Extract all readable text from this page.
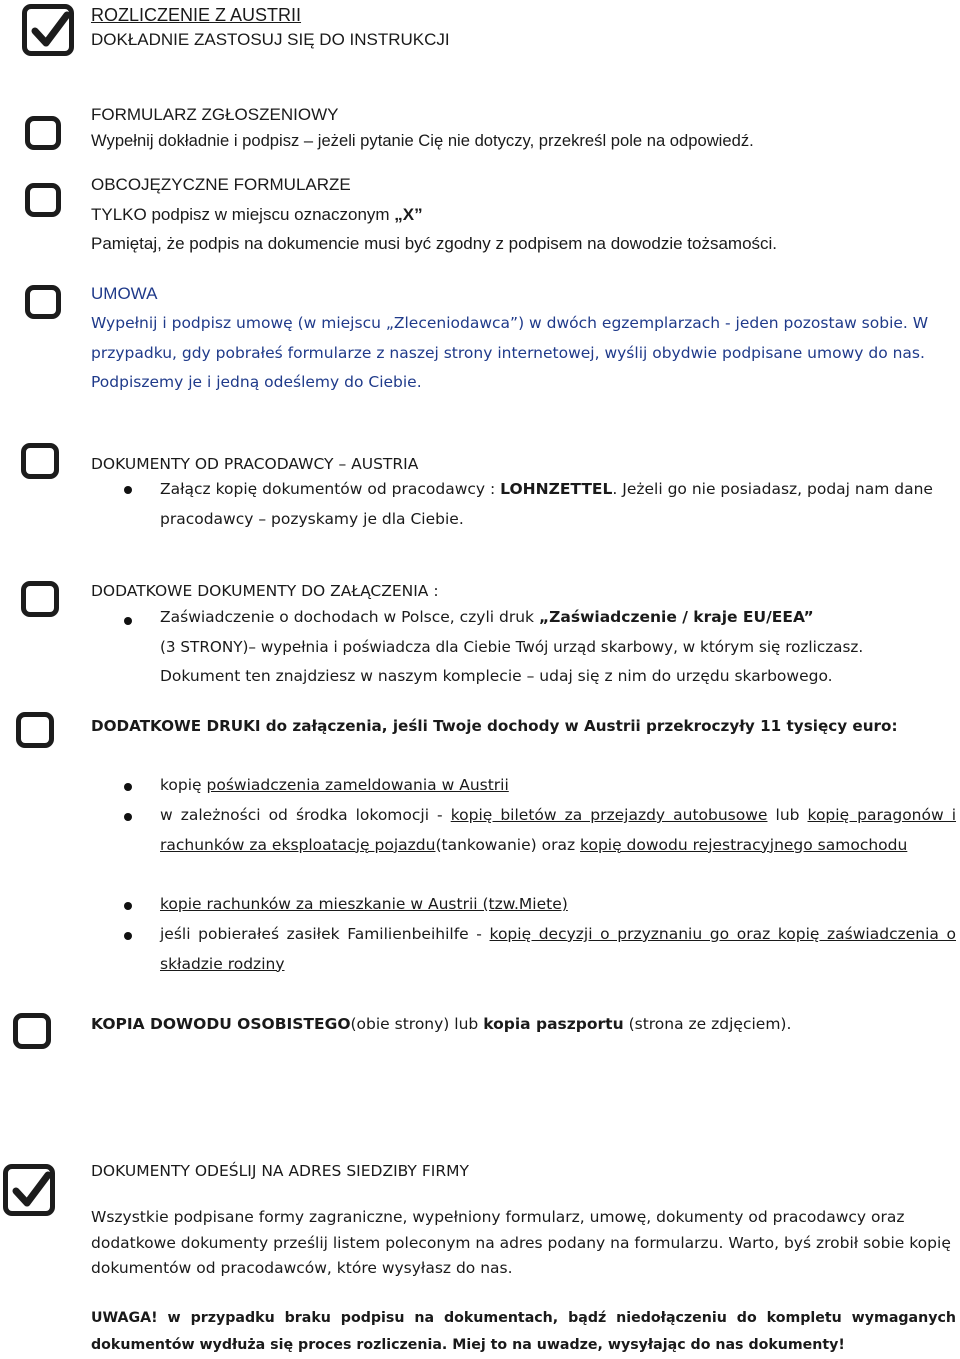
ROZLICZENIE Z AUSTRII
DOKŁADNIE ZASTOSUJ SIĘ DO INSTRUKCJI
FORMULARZ ZGŁOSZENIOWY
Wypełnij dokładnie i podpisz – jeżeli pytanie Cię nie dotyczy, przekreśl pole na odpowiedź.
OBCOJĘZYCZNE FORMULARZE
TYLKO podpisz w miejscu oznaczonym „X”
Pamiętaj, że podpis na dokumencie musi być zgodny z podpisem na dowodzie tożsamości.
UMOWA
Wypełnij i podpisz umowę (w miejscu „Zleceniodawca”) w dwóch egzemplarzach - jeden pozostaw sobie. W przypadku, gdy pobrałeś formularze z naszej strony internetowej, wyślij obydwie podpisane umowy do nas. Podpiszemy je i jedną odeślemy do Ciebie.
DOKUMENTY OD PRACODAWCY – AUSTRIA
Załącz kopię dokumentów od pracodawcy : LOHNZETTEL. Jeżeli go nie posiadasz, podaj nam dane pracodawcy – pozyskamy je dla Ciebie.
DODATKOWE DOKUMENTY DO ZAŁĄCZENIA :
Zaświadczenie o dochodach w Polsce, czyli druk „Zaświadczenie / kraje EU/EEA”
(3 STRONY)– wypełnia i poświadcza dla Ciebie Twój urząd skarbowy, w którym się rozliczasz.
Dokument ten znajdziesz w naszym komplecie – udaj się z nim do urzędu skarbowego.
DODATKOWE DRUKI do załączenia, jeśli Twoje dochody w Austrii przekroczyły 11 tysięcy euro:
kopię poświadczenia zameldowania w Austrii
w zależności od środka lokomocji - kopię biletów za przejazdy autobusowe lub kopię paragonów i rachunków za eksploatację pojazdu(tankowanie) oraz kopię dowodu rejestracyjnego samochodu
kopie rachunków za mieszkanie w Austrii (tzw.Miete)
jeśli pobierałeś zasiłek Familienbeihilfe - kopię decyzji o przyznaniu go oraz kopię zaświadczenia o składzie rodziny
KOPIA DOWODU OSOBISTEGO(obie strony) lub kopia paszportu (strona ze zdjęciem).
DOKUMENTY ODEŚLIJ NA ADRES SIEDZIBY FIRMY
Wszystkie podpisane formy zagraniczne, wypełniony formularz, umowę, dokumenty od pracodawcy oraz dodatkowe dokumenty prześlij listem poleconym na adres podany na formularzu. Warto, byś zrobił sobie kopię dokumentów od pracodawców, które wysyłasz do nas.
UWAGA! w przypadku braku podpisu na dokumentach, bądź niedołączeniu do kompletu wymaganych dokumentów wydłuża się proces rozliczenia. Miej to na uwadze, wysyłając do nas dokumenty!
